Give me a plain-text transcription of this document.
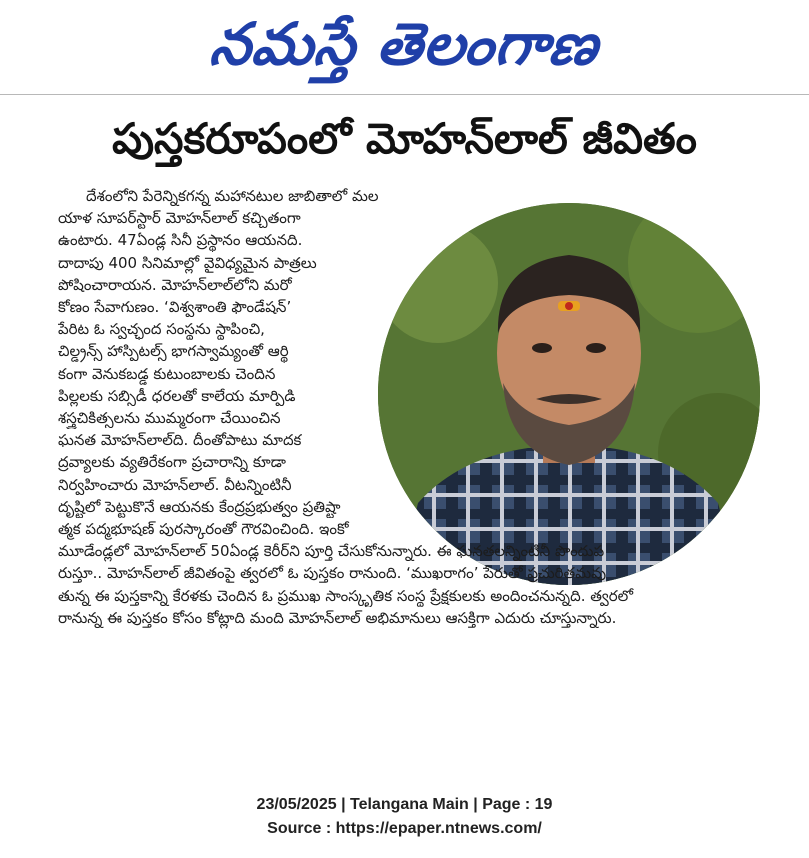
నమస్తే తెలంగాణ
పుస్తకరూపంలో మోహన్‌లాల్ జీవితం
దేశంలోని పేరెన్నికగన్న మహానటుల జాబితాలో మల
యాళ సూపర్‌స్టార్ మోహన్‌లాల్ కచ్చితంగా
ఉంటారు. 47ఏండ్ల సినీ ప్రస్థానం ఆయనది.
దాదాపు 400 సినిమాల్లో వైవిధ్యమైన పాత్రలు
పోషించారాయన. మోహన్‌లాల్‌లోని మరో
కోణం సేవాగుణం. ‘విశ్వశాంతి ఫౌండేషన్’
పేరిట ఓ స్వచ్ఛంద సంస్థను స్థాపించి,
చిల్డ్రన్స్ హాస్పిటల్స్ భాగస్వామ్యంతో ఆర్థి
కంగా వెనుకబడ్డ కుటుంబాలకు చెందిన
పిల్లలకు సబ్సిడీ ధరలతో కాలేయ మార్పిడి
శస్త్రచికిత్సలను ముమ్మరంగా చేయించిన
ఘనత మోహన్‌లాల్‌ది. దీంతోపాటు మాదక
ద్రవ్యాలకు వ్యతిరేకంగా ప్రచారాన్ని కూడా
నిర్వహించారు మోహన్‌లాల్. వీటన్నింటినీ
దృష్టిలో పెట్టుకొనే ఆయనకు కేంద్రప్రభుత్వం ప్రతిష్టా
త్మక పద్మభూషణ్ పురస్కారంతో గౌరవించింది. ఇంకో
మూడేండ్లలో మోహన్‌లాల్ 50ఏండ్ల కెరీర్‌ని పూర్తి చేసుకోనున్నారు. ఈ ఘనతలన్నింటినీ పొందుప
రుస్తూ.. మోహన్‌లాల్ జీవితంపై త్వరలో ఓ పుస్తకం రానుంది. ‘ముఖరాగం’ పేరుతో ప్రచురితమవు
తున్న ఈ పుస్తకాన్ని కేరళకు చెందిన ఓ ప్రముఖ సాంస్కృతిక సంస్థ ప్రేక్షకులకు అందించనున్నది. త్వరలో
రానున్న ఈ పుస్తకం కోసం కోట్లాది మంది మోహన్‌లాల్ అభిమానులు ఆసక్తిగా ఎదురు చూస్తున్నారు.
23/05/2025 | Telangana Main | Page : 19
Source : https://epaper.ntnews.com/
